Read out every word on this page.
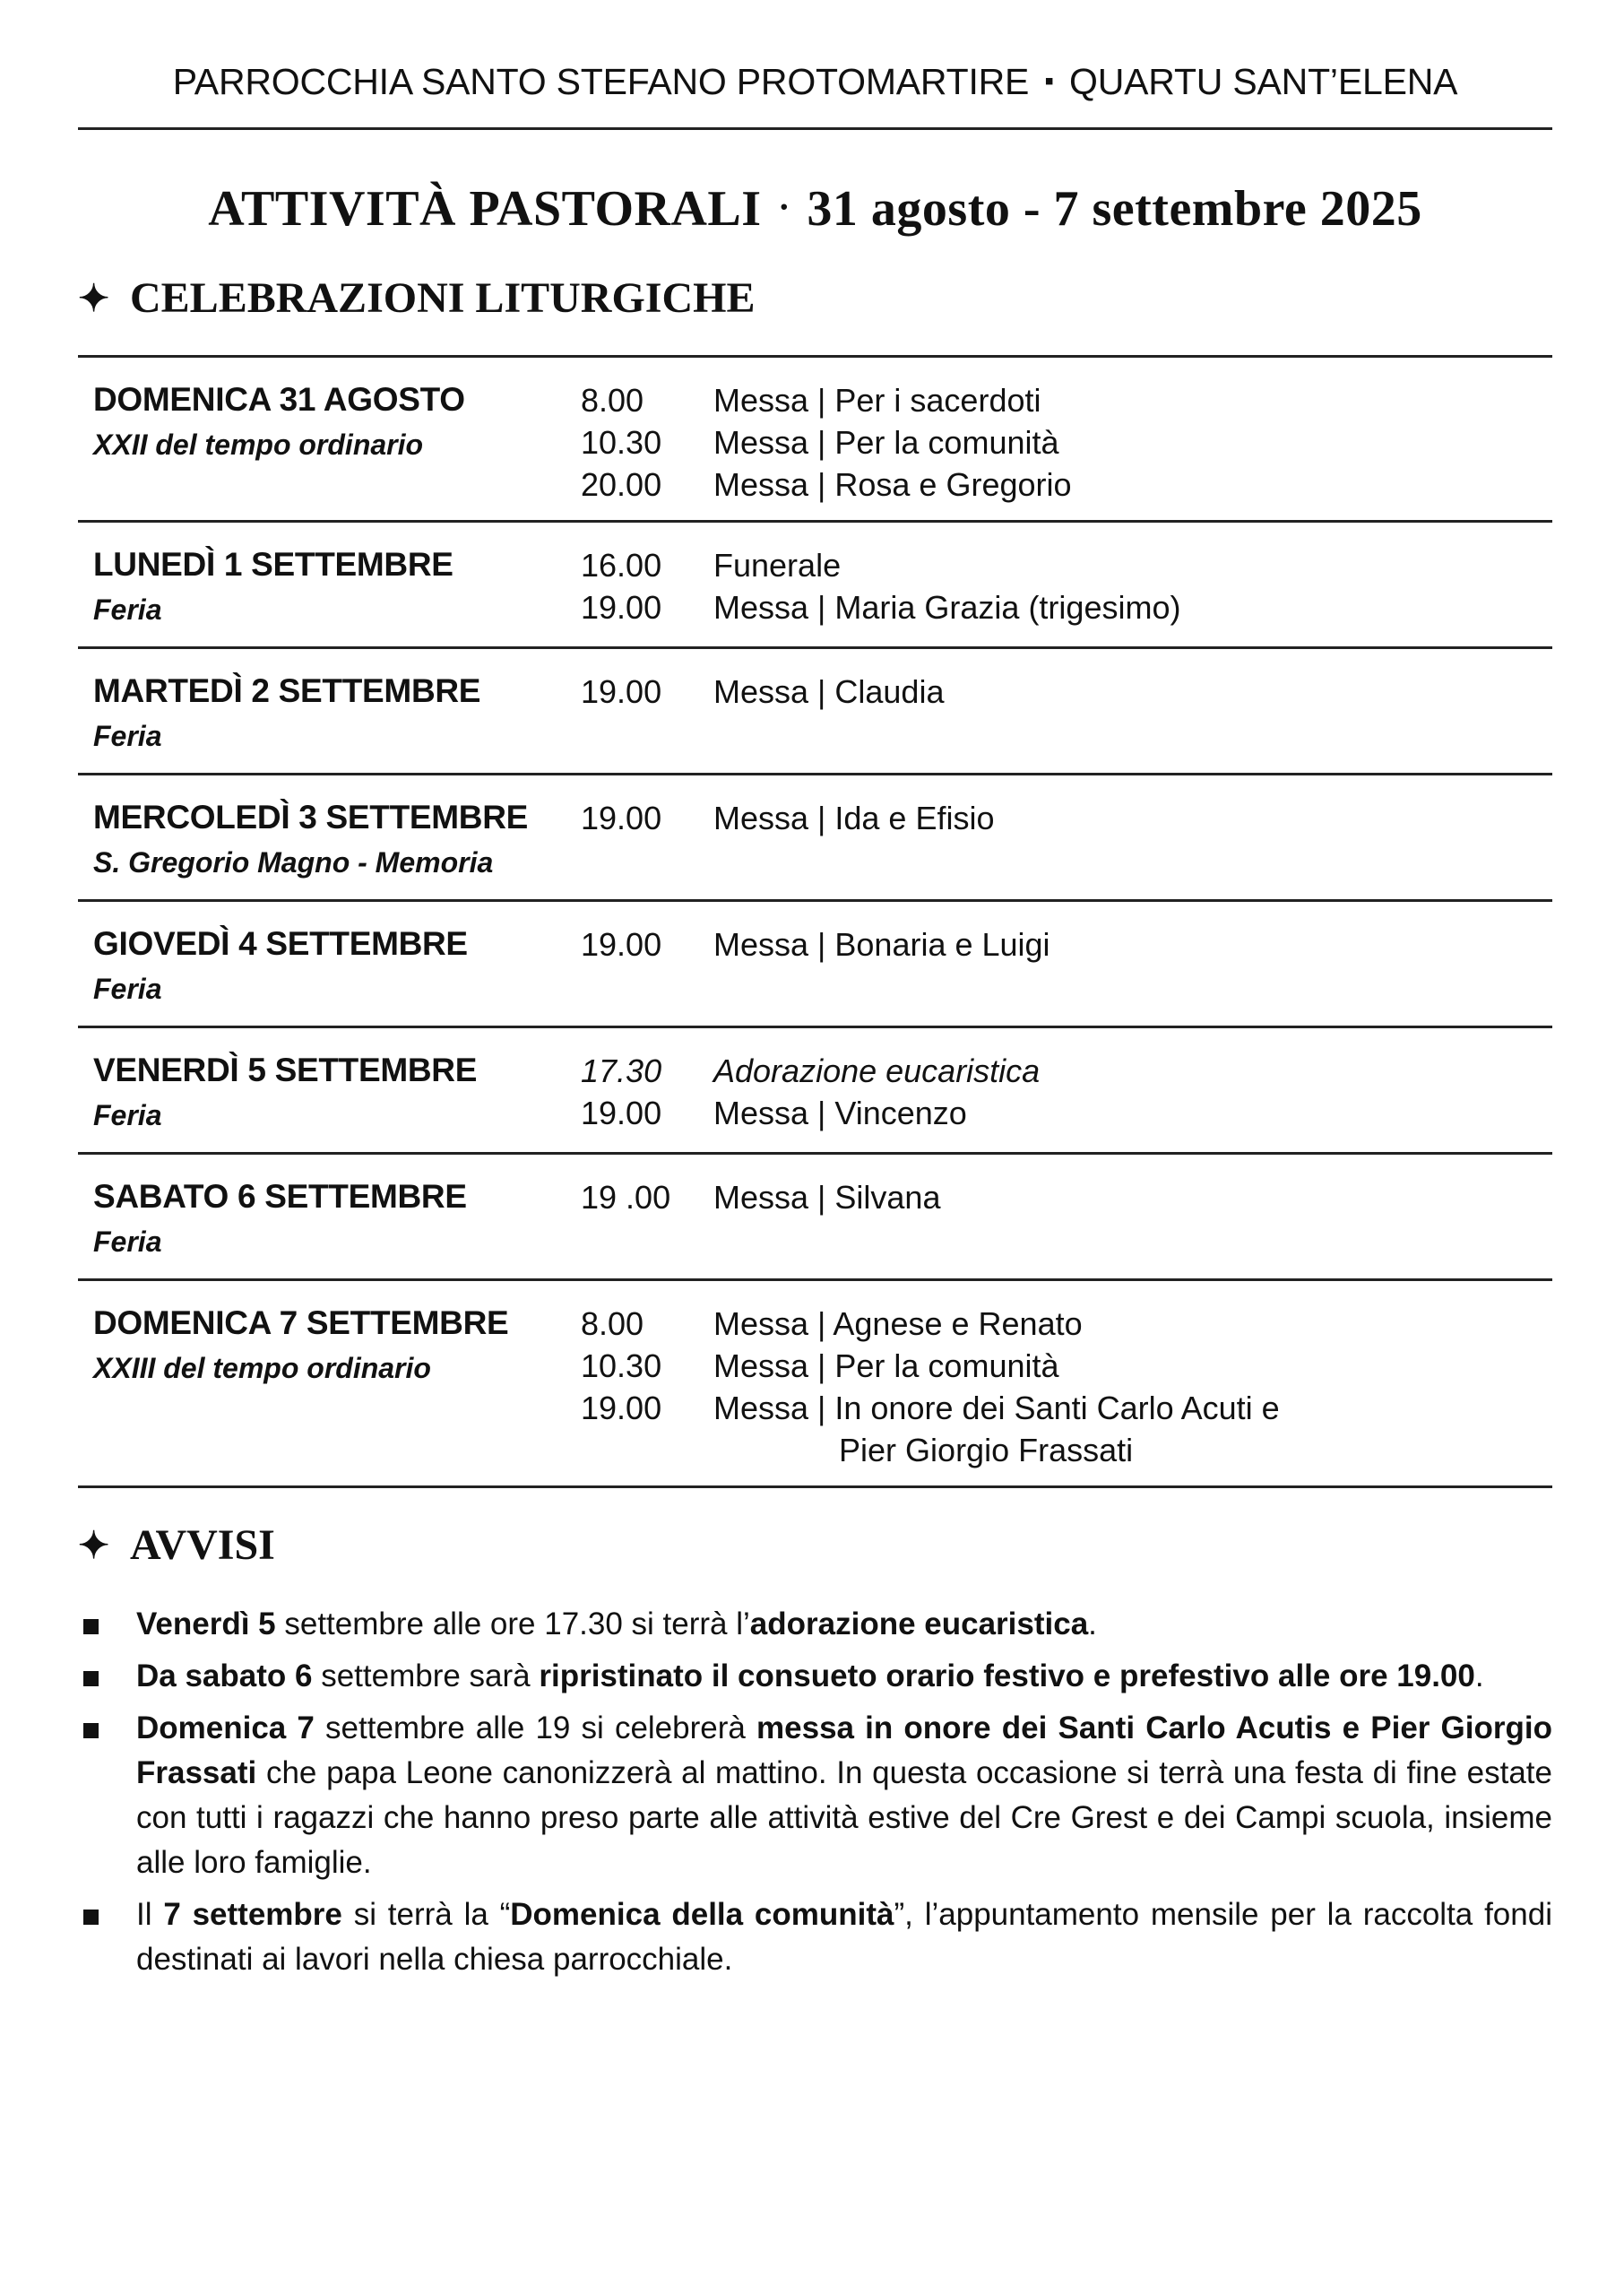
PARROCCHIA SANTO STEFANO PROTOMARTIRE ▪ QUARTU SANT’ELENA
ATTIVITÀ PASTORALI · 31 agosto - 7 settembre 2025
✦ CELEBRAZIONI LITURGICHE
DOMENICA 31 AGOSTO
XXII del tempo ordinario
8.00	Messa | Per i sacerdoti
10.30	Messa | Per la comunità
20.00	Messa | Rosa e Gregorio
LUNEDÌ 1 SETTEMBRE
Feria
16.00	Funerale
19.00	Messa | Maria Grazia (trigesimo)
MARTEDÌ 2 SETTEMBRE
Feria
19.00	Messa | Claudia
MERCOLEDÌ 3 SETTEMBRE
S. Gregorio Magno - Memoria
19.00	Messa | Ida e Efisio
GIOVEDÌ 4 SETTEMBRE
Feria
19.00	Messa | Bonaria e Luigi
VENERDÌ 5 SETTEMBRE
Feria
17.30	Adorazione eucaristica
19.00	Messa | Vincenzo
SABATO 6 SETTEMBRE
Feria
19 .00	Messa | Silvana
DOMENICA 7 SETTEMBRE
XXIII del tempo ordinario
8.00	Messa | Agnese e Renato
10.30	Messa | Per la comunità
19.00	Messa | In onore dei Santi Carlo Acuti e
Pier Giorgio Frassati
✦ AVVISI
Venerdì 5 settembre alle ore 17.30 si terrà l’adorazione eucaristica.
Da sabato 6 settembre sarà ripristinato il consueto orario festivo e prefestivo alle ore 19.00.
Domenica 7 settembre alle 19 si celebrerà messa in onore dei Santi Carlo Acutis e Pier Giorgio Frassati che papa Leone canonizzerà al mattino. In questa occasione si terrà una festa di fine estate con tutti i ragazzi che hanno preso parte alle attività estive del Cre Grest e dei Campi scuola, insieme alle loro famiglie.
Il 7 settembre si terrà la “Domenica della comunità”, l’appuntamento mensile per la raccolta fondi destinati ai lavori nella chiesa parrocchiale.
